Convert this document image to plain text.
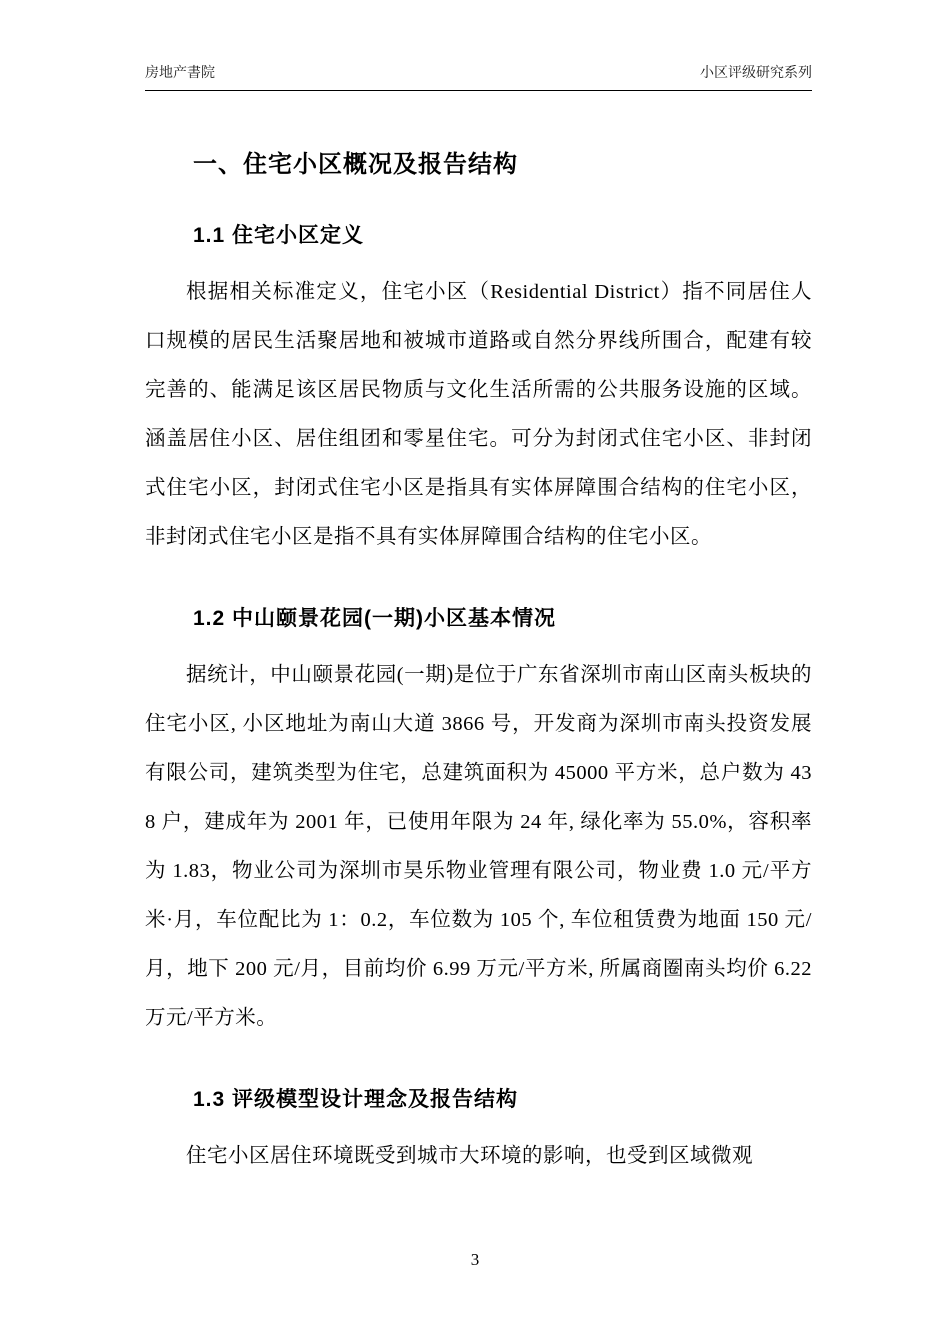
房地产書院	小区评级研究系列
一、住宅小区概况及报告结构
1.1 住宅小区定义

根据相关标准定义，住宅小区（Residential District）指不同居住人口规模的居民生活聚居地和被城市道路或自然分界线所围合，配建有较完善的、能满足该区居民物质与文化生活所需的公共服务设施的区域。涵盖居住小区、居住组团和零星住宅。可分为封闭式住宅小区、非封闭式住宅小区，封闭式住宅小区是指具有实体屏障围合结构的住宅小区，非封闭式住宅小区是指不具有实体屏障围合结构的住宅小区。

1.2 中山颐景花园(一期)小区基本情况

据统计，中山颐景花园(一期)是位于广东省深圳市南山区南头板块的住宅小区, 小区地址为南山大道 3866 号，开发商为深圳市南头投资发展有限公司，建筑类型为住宅，总建筑面积为 45000 平方米，总户数为 438 户，建成年为 2001 年，已使用年限为 24 年, 绿化率为 55.0%，容积率为 1.83，物业公司为深圳市昊乐物业管理有限公司，物业费 1.0 元/平方米·月，车位配比为 1：0.2，车位数为 105 个, 车位租赁费为地面 150 元/月，地下 200 元/月，目前均价 6.99 万元/平方米, 所属商圈南头均价 6.22 万元/平方米。

1.3 评级模型设计理念及报告结构

住宅小区居住环境既受到城市大环境的影响，也受到区域微观

3
